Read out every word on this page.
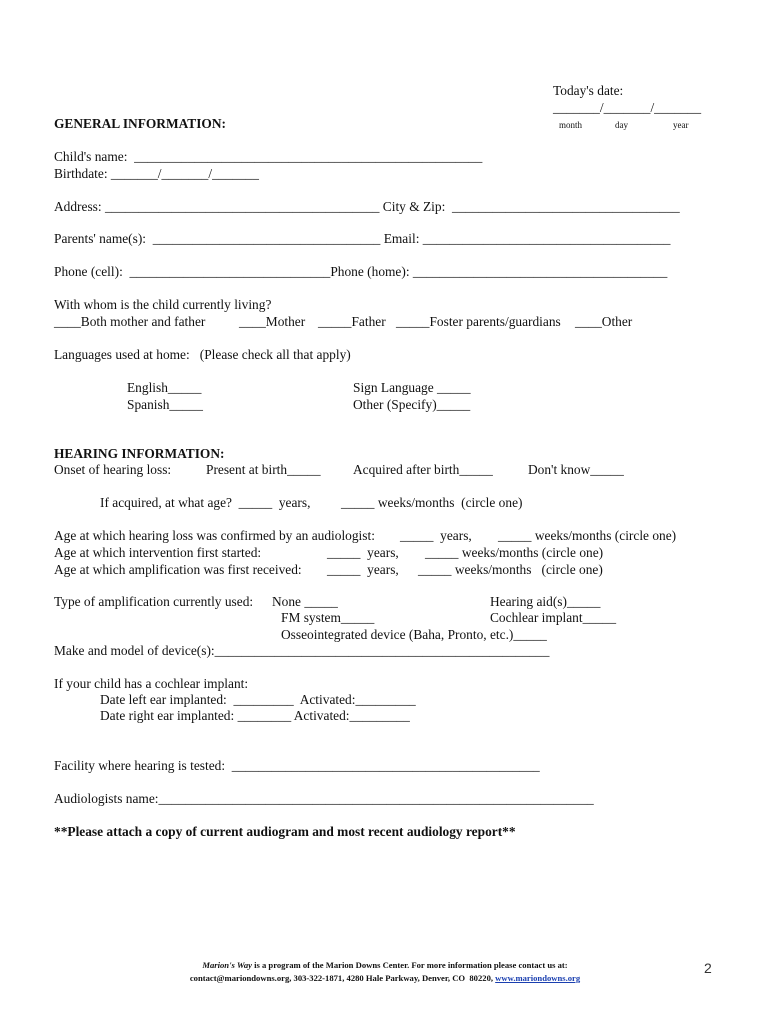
Today's date:
_______/_______/_______
month	day	year
GENERAL INFORMATION:
Child's name:  ____________________________________________________
Birthdate: _______/_______/_______
Address: _________________________________________ City & Zip:  __________________________________
Parents' name(s):  __________________________________ Email: _____________________________________
Phone (cell):  ______________________________Phone (home): ______________________________________
With whom is the child currently living?
____Both mother and father	____Mother _____Father _____Foster parents/guardians ____Other
Languages used at home:   (Please check all that apply)
English_____
Spanish_____
Sign Language _____
Other (Specify)_____
HEARING INFORMATION:
Onset of hearing loss:	Present at birth_____ Acquired after birth_____	Don't know_____
If acquired, at what age?  _____  years, _____ weeks/months  (circle one)
Age at which hearing loss was confirmed by an audiologist: _____  years, _____ weeks/months (circle one)
Age at which intervention first started:	_____  years, _____ weeks/months (circle one)
Age at which amplification was first received: _____  years, _____ weeks/months   (circle one)
Type of amplification currently used: None _____
FM system_____
Osseointegrated device (Baha, Pronto, etc.)_____
Hearing aid(s)_____
Cochlear implant_____
Make and model of device(s):__________________________________________________
If your child has a cochlear implant:
Date left ear implanted:  _________  Activated:_________
Date right ear implanted: ________ Activated:_________
Facility where hearing is tested:  ______________________________________________
Audiologists name:_________________________________________________________________
**Please attach a copy of current audiogram and most recent audiology report**
Marion's Way is a program of the Marion Downs Center. For more information please contact us at:
contact@mariondowns.org, 303-322-1871, 4280 Hale Parkway, Denver, CO  80220, www.mariondowns.org
2
